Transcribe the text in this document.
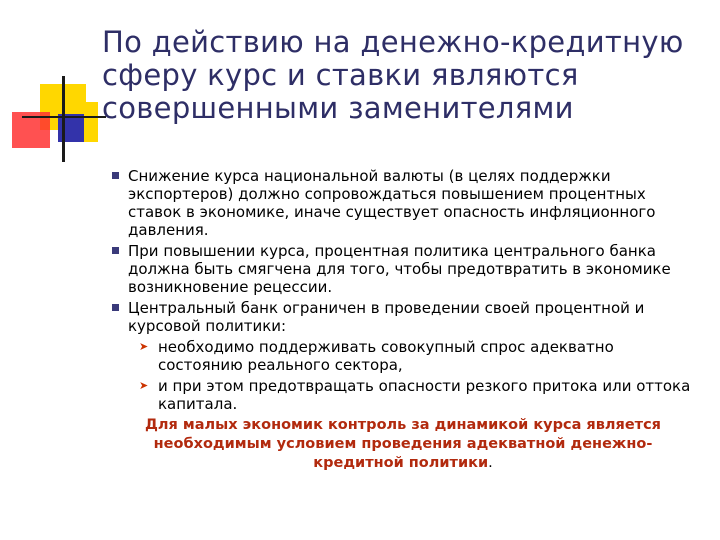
По действию на денежно-кредитную сферу курс и ставки являются совершенными заменителями
Снижение курса национальной валюты (в целях поддержки экспортеров) должно сопровождаться повышением процентных ставок в экономике, иначе существует опасность инфляционного давления.
При повышении курса, процентная политика центрального банка должна быть смягчена для того, чтобы предотвратить в экономике возникновение рецессии.
Центральный банк ограничен в проведении своей процентной и курсовой политики:
➤ необходимо поддерживать совокупный спрос адекватно состоянию реального сектора,
➤ и при этом предотвращать опасности резкого притока или оттока капитала.
Для малых экономик контроль за динамикой курса является необходимым условием проведения адекватной денежно-кредитной политики.
